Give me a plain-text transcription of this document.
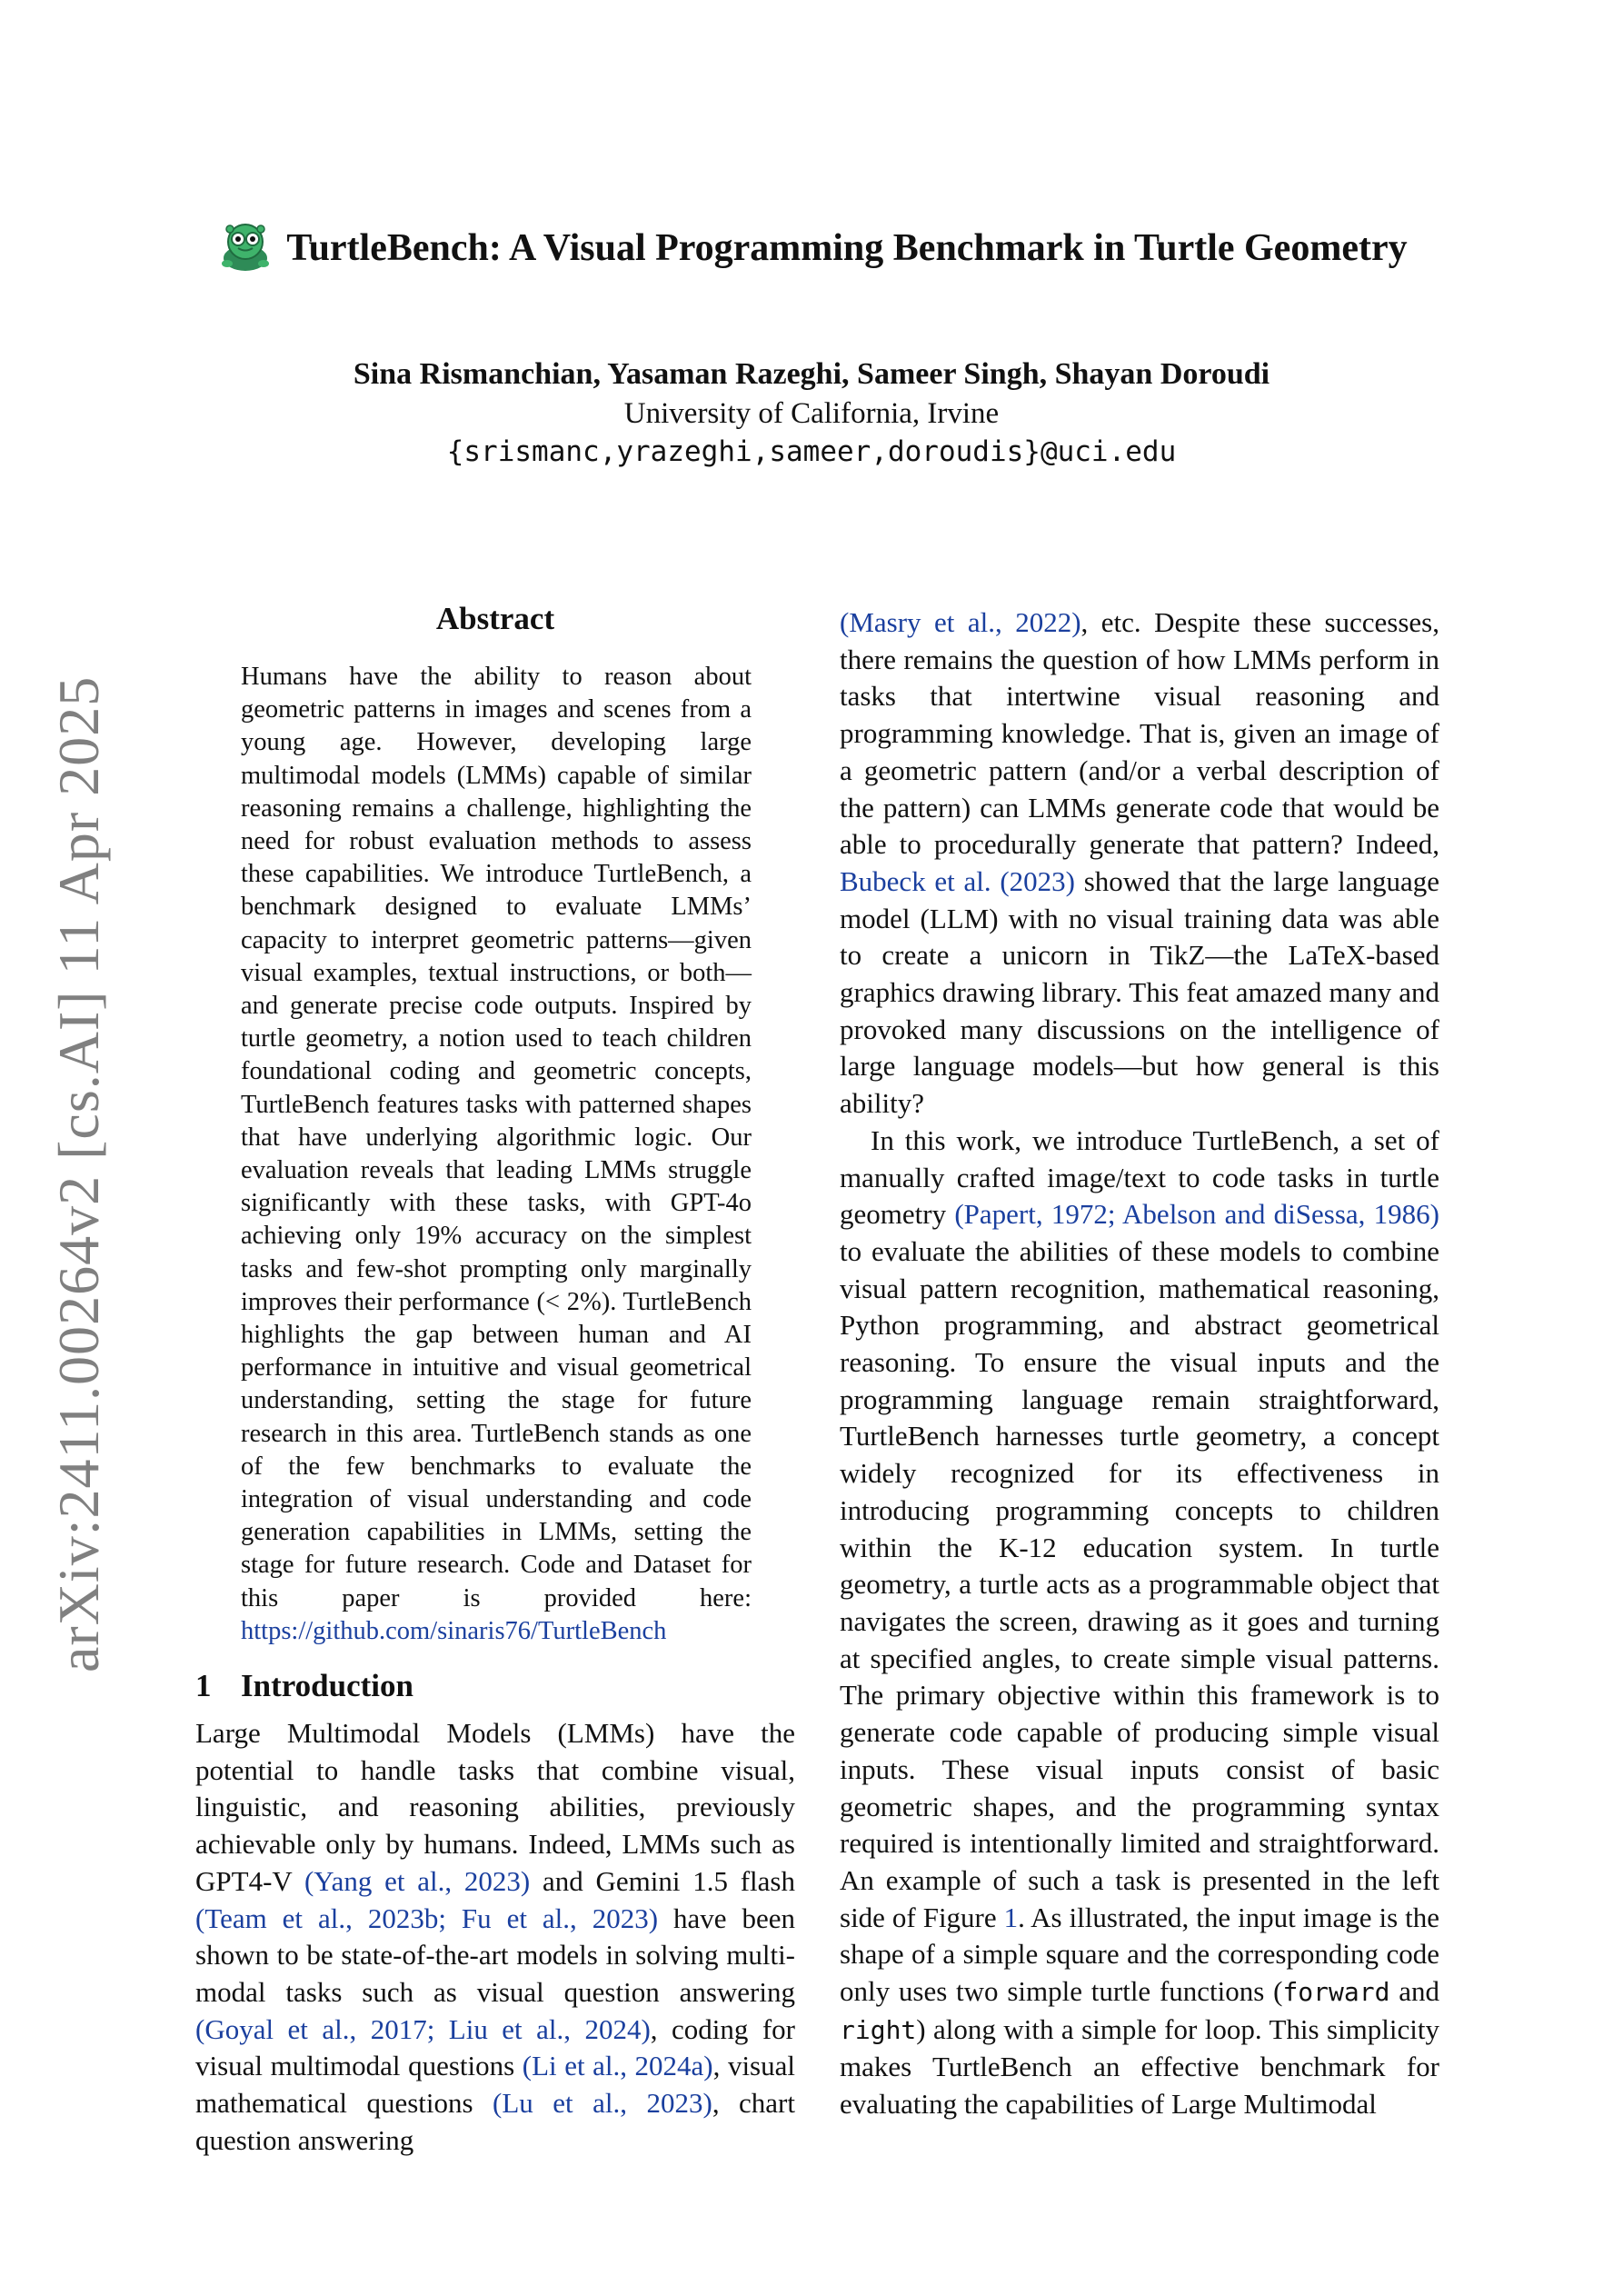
TurtleBench: A Visual Programming Benchmark in Turtle Geometry
Sina Rismanchian, Yasaman Razeghi, Sameer Singh, Shayan Doroudi
University of California, Irvine
{srismanc,yrazeghi,sameer,doroudis}@uci.edu
arXiv:2411.00264v2 [cs.AI] 11 Apr 2025
Abstract
Humans have the ability to reason about geometric patterns in images and scenes from a young age. However, developing large multimodal models (LMMs) capable of similar reasoning remains a challenge, highlighting the need for robust evaluation methods to assess these capabilities. We introduce TurtleBench, a benchmark designed to evaluate LMMs’ capacity to interpret geometric patterns—given visual examples, textual instructions, or both—and generate precise code outputs. Inspired by turtle geometry, a notion used to teach children foundational coding and geometric concepts, TurtleBench features tasks with patterned shapes that have underlying algorithmic logic. Our evaluation reveals that leading LMMs struggle significantly with these tasks, with GPT-4o achieving only 19% accuracy on the simplest tasks and few-shot prompting only marginally improves their performance (< 2%). TurtleBench highlights the gap between human and AI performance in intuitive and visual geometrical understanding, setting the stage for future research in this area. TurtleBench stands as one of the few benchmarks to evaluate the integration of visual understanding and code generation capabilities in LMMs, setting the stage for future research. Code and Dataset for this paper is provided here: https://github.com/sinaris76/TurtleBench
1 Introduction

Large Multimodal Models (LMMs) have the potential to handle tasks that combine visual, linguistic, and reasoning abilities, previously achievable only by humans. Indeed, LMMs such as GPT4-V (Yang et al., 2023) and Gemini 1.5 flash (Team et al., 2023b; Fu et al., 2023) have been shown to be state-of-the-art models in solving multi-modal tasks such as visual question answering (Goyal et al., 2017; Liu et al., 2024), coding for visual multimodal questions (Li et al., 2024a), visual mathematical questions (Lu et al., 2023), chart question answering

(Masry et al., 2022), etc. Despite these successes, there remains the question of how LMMs perform in tasks that intertwine visual reasoning and programming knowledge. That is, given an image of a geometric pattern (and/or a verbal description of the pattern) can LMMs generate code that would be able to procedurally generate that pattern? Indeed, Bubeck et al. (2023) showed that the large language model (LLM) with no visual training data was able to create a unicorn in TikZ—the LaTeX-based graphics drawing library. This feat amazed many and provoked many discussions on the intelligence of large language models—but how general is this ability?

In this work, we introduce TurtleBench, a set of manually crafted image/text to code tasks in turtle geometry (Papert, 1972; Abelson and diSessa, 1986) to evaluate the abilities of these models to combine visual pattern recognition, mathematical reasoning, Python programming, and abstract geometrical reasoning. To ensure the visual inputs and the programming language remain straightforward, TurtleBench harnesses turtle geometry, a concept widely recognized for its effectiveness in introducing programming concepts to children within the K-12 education system. In turtle geometry, a turtle acts as a programmable object that navigates the screen, drawing as it goes and turning at specified angles, to create simple visual patterns. The primary objective within this framework is to generate code capable of producing simple visual inputs. These visual inputs consist of basic geometric shapes, and the programming syntax required is intentionally limited and straightforward. An example of such a task is presented in the left side of Figure 1. As illustrated, the input image is the shape of a simple square and the corresponding code only uses two simple turtle functions (forward and right) along with a simple for loop. This simplicity makes TurtleBench an effective benchmark for evaluating the capabilities of Large Multimodal
